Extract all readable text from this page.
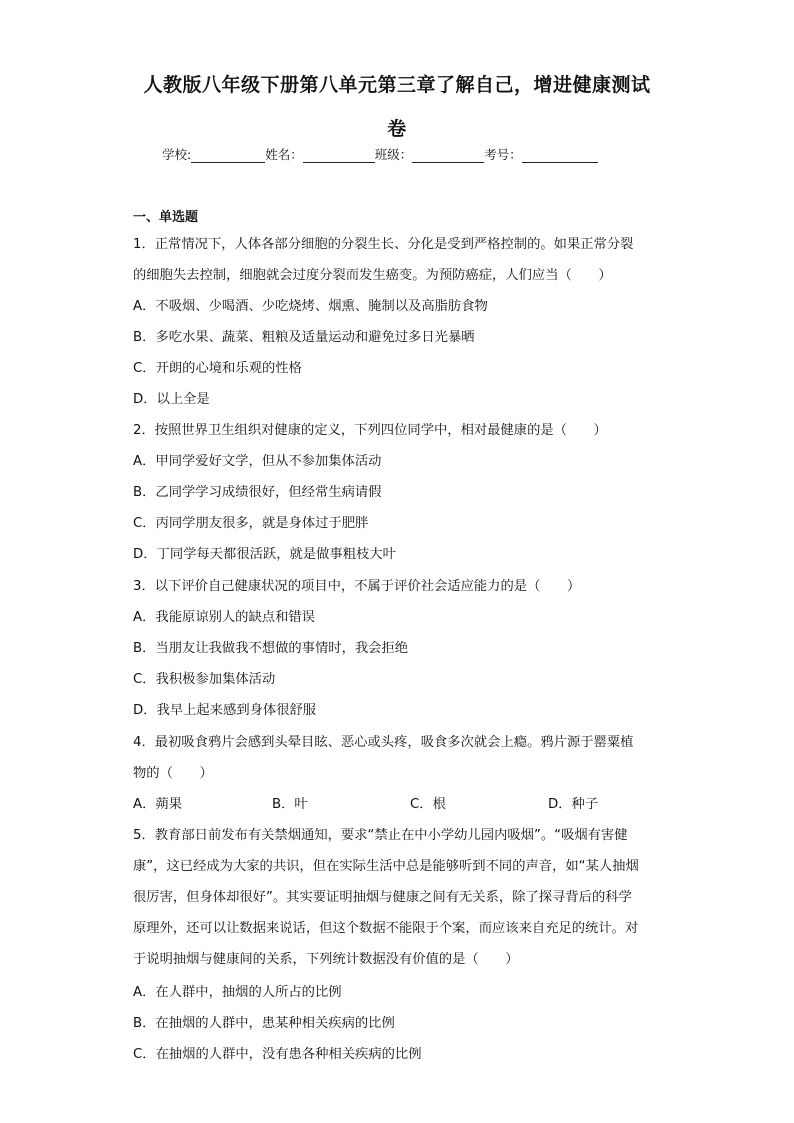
人教版八年级下册第八单元第三章了解自己，增进健康测试
卷
学校:	姓名：	班级：	考号：
一、单选题
1．正常情况下，人体各部分细胞的分裂生长、分化是受到严格控制的。如果正常分裂
的细胞失去控制，细胞就会过度分裂而发生癌变。为预防癌症，人们应当（　　）
A．不吸烟、少喝酒、少吃烧烤、烟熏、腌制以及高脂肪食物
B．多吃水果、蔬菜、粗粮及适量运动和避免过多日光暴晒
C．开朗的心境和乐观的性格
D．以上全是
2．按照世界卫生组织对健康的定义，下列四位同学中，相对最健康的是（　　）
A．甲同学爱好文学，但从不参加集体活动
B．乙同学学习成绩很好，但经常生病请假
C．丙同学朋友很多，就是身体过于肥胖
D．丁同学每天都很活跃，就是做事粗枝大叶
3．以下评价自己健康状况的项目中，不属于评价社会适应能力的是（　　）
A．我能原谅别人的缺点和错误
B．当朋友让我做我不想做的事情时，我会拒绝
C．我积极参加集体活动
D．我早上起来感到身体很舒服
4．最初吸食鸦片会感到头晕目眩、恶心或头疼，吸食多次就会上瘾。鸦片源于罂粟植
物的（　　）
A．蒴果	B．叶	C．根	D．种子
5．教育部日前发布有关禁烟通知，要求“禁止在中小学幼儿园内吸烟”。“吸烟有害健
康”，这已经成为大家的共识，但在实际生活中总是能够听到不同的声音，如“某人抽烟
很厉害，但身体却很好”。其实要证明抽烟与健康之间有无关系，除了探寻背后的科学
原理外，还可以让数据来说话，但这个数据不能限于个案，而应该来自充足的统计。对
于说明抽烟与健康间的关系，下列统计数据没有价值的是（　　）
A．在人群中，抽烟的人所占的比例
B．在抽烟的人群中，患某种相关疾病的比例
C．在抽烟的人群中，没有患各种相关疾病的比例
